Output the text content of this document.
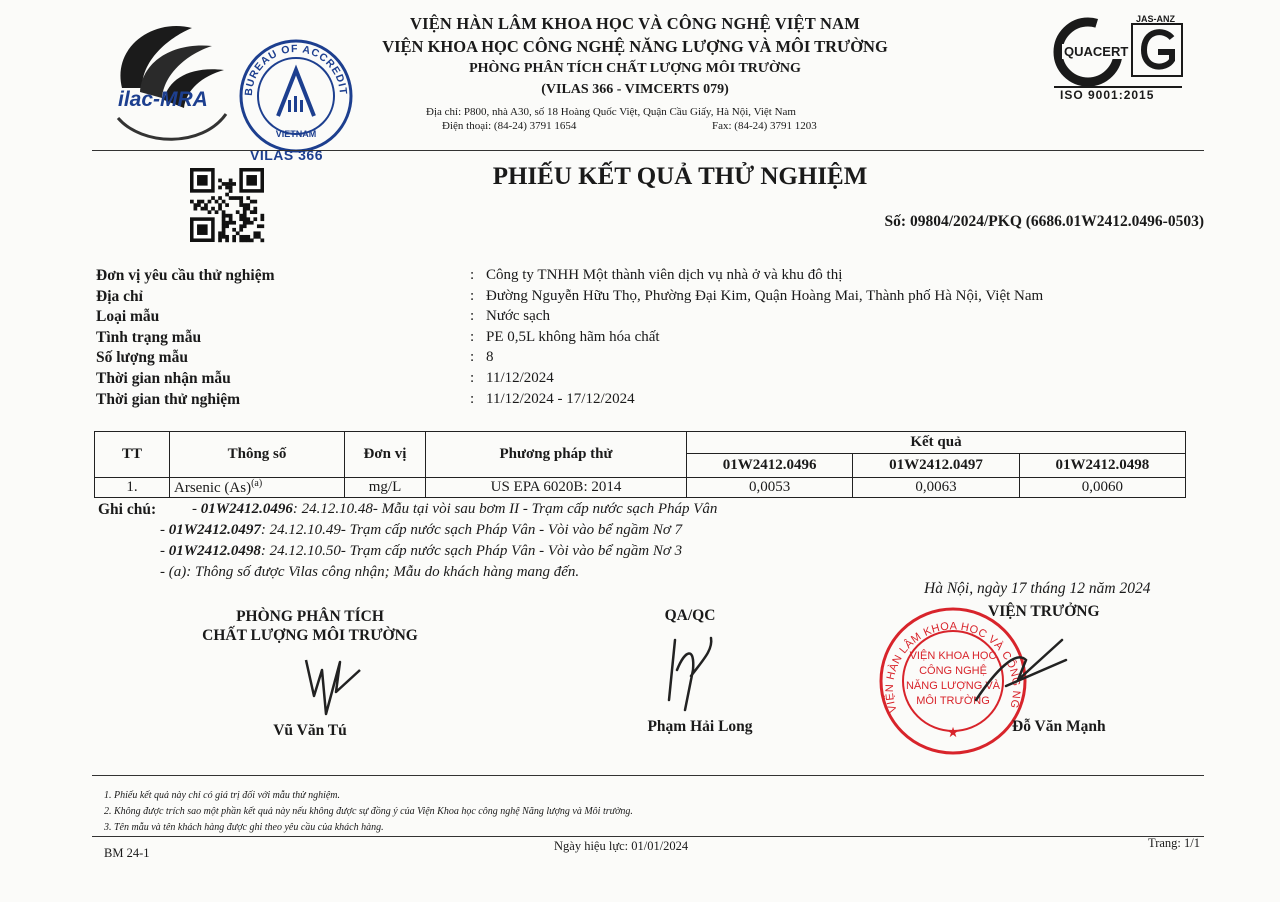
ilac-MRA	BUREAU OF ACCREDITATION
VIETNAM
VILAS 366
VIỆN HÀN LÂM KHOA HỌC VÀ CÔNG NGHỆ VIỆT NAM
VIỆN KHOA HỌC CÔNG NGHỆ NĂNG LƯỢNG VÀ MÔI TRƯỜNG
PHÒNG PHÂN TÍCH CHẤT LƯỢNG MÔI TRƯỜNG
(VILAS 366 - VIMCERTS 079)
Địa chỉ: P800, nhà A30, số 18 Hoàng Quốc Việt, Quận Cầu Giấy, Hà Nội, Việt Nam
Điện thoại: (84-24) 3791 1654	Fax: (84-24) 3791 1203
QUACERT
JAS-ANZ
ISO 9001:2015
PHIẾU KẾT QUẢ THỬ NGHIỆM
Số: 09804/2024/PKQ (6686.01W2412.0496-0503)
Đơn vị yêu cầu thử nghiệm	: Công ty TNHH Một thành viên dịch vụ nhà ở và khu đô thị
Địa chỉ	: Đường Nguyễn Hữu Thọ, Phường Đại Kim, Quận Hoàng Mai, Thành phố Hà Nội, Việt Nam
Loại mẫu	: Nước sạch
Tình trạng mẫu	: PE 0,5L không hãm hóa chất
Số lượng mẫu	: 8
Thời gian nhận mẫu	: 11/12/2024
Thời gian thử nghiệm	: 11/12/2024 - 17/12/2024
TT	Thông số	Đơn vị	Phương pháp thử	Kết quả		
				01W2412.0496	01W2412.0497	01W2412.0498
1.	Arsenic $(As)^{(a)}$	mg/L	US EPA 6020B: 2014	0,0053	0,0063	0,0060
Ghi chú: - 01W2412.0496: 24.12.10.48- Mẫu tại vòi sau bơm II - Trạm cấp nước sạch Pháp Vân
- 01W2412.0497: 24.12.10.49- Trạm cấp nước sạch Pháp Vân - Vòi vào bể ngầm Nơ 7
- 01W2412.0498: 24.12.10.50- Trạm cấp nước sạch Pháp Vân - Vòi vào bể ngầm Nơ 3
- (a): Thông số được Vilas công nhận; Mẫu do khách hàng mang đến.
Hà Nội, ngày 17 tháng 12 năm 2024
PHÒNG PHÂN TÍCH
CHẤT LƯỢNG MÔI TRƯỜNG
Vũ Văn Tú
QA/QC
Phạm Hải Long
VIỆN TRƯỞNG
VIỆN HÀN LÂM KHOA HỌC VÀ CÔNG NGHỆ VIỆT NAM
★
VIỆN KHOA HỌC
CÔNG NGHỆ
NĂNG LƯỢNG VÀ
MÔI TRƯỜNG
Đỗ Văn Mạnh
1. Phiếu kết quả này chỉ có giá trị đối với mẫu thử nghiệm.
2. Không được trích sao một phần kết quả này nếu không được sự đồng ý của Viện Khoa học công nghệ Năng lượng và Môi trường.
3. Tên mẫu và tên khách hàng được ghi theo yêu cầu của khách hàng.
BM 24-1	Ngày hiệu lực: 01/01/2024	Trang: 1/1
